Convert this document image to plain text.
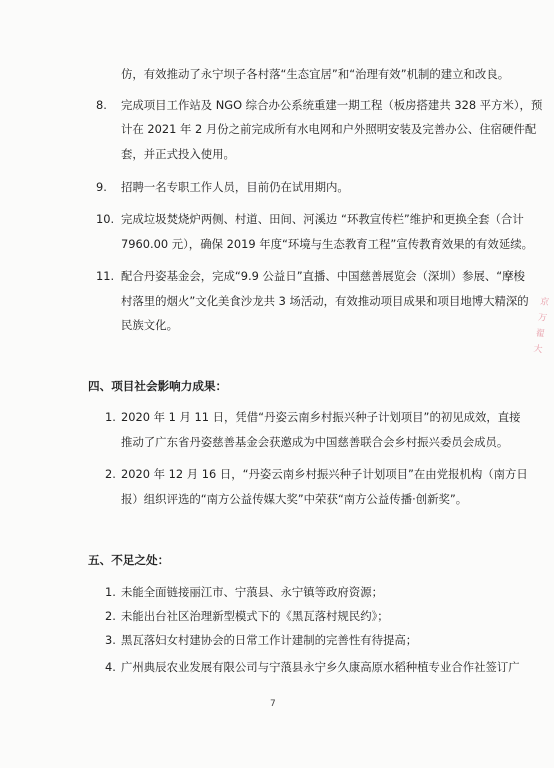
仿，有效推动了永宁坝子各村落“生态宜居”和“治理有效”机制的建立和改良。
8. 完成项目工作站及 NGO 综合办公系统重建一期工程（板房搭建共 328 平方米），预
计在 2021 年 2 月份之前完成所有水电网和户外照明安装及完善办公、住宿硬件配
套，并正式投入使用。
9. 招聘一名专职工作人员，目前仍在试用期内。
10. 完成垃圾焚烧炉两侧、村道、田间、河溪边 “环教宣传栏”维护和更换全套（合计
7960.00 元），确保 2019 年度“环境与生态教育工程”宣传教育效果的有效延续。
11. 配合丹姿基金会，完成“9.9 公益日”直播、中国慈善展览会（深圳）参展、“摩梭
村落里的烟火”文化美食沙龙共 3 场活动，有效推动项目成果和项目地博大精深的
民族文化。
四、项目社会影响力成果：
1. 2020 年 1 月 11 日，凭借“丹姿云南乡村振兴种子计划项目”的初见成效，直接
推动了广东省丹姿慈善基金会获邀成为中国慈善联合会乡村振兴委员会成员。
2. 2020 年 12 月 16 日，“丹姿云南乡村振兴种子计划项目”在由党报机构（南方日
报）组织评选的“南方公益传媒大奖”中荣获“南方公益传播·创新奖”。
五、不足之处：
1. 未能全面链接丽江市、宁蒗县、永宁镇等政府资源；
2. 未能出台社区治理新型模式下的《黑瓦落村规民约》；
3. 黑瓦落妇女村建协会的日常工作计建制的完善性有待提高；
4. 广州典辰农业发展有限公司与宁蒗县永宁乡久康高原水稻种植专业合作社签订广
7
京 万 翟 大
